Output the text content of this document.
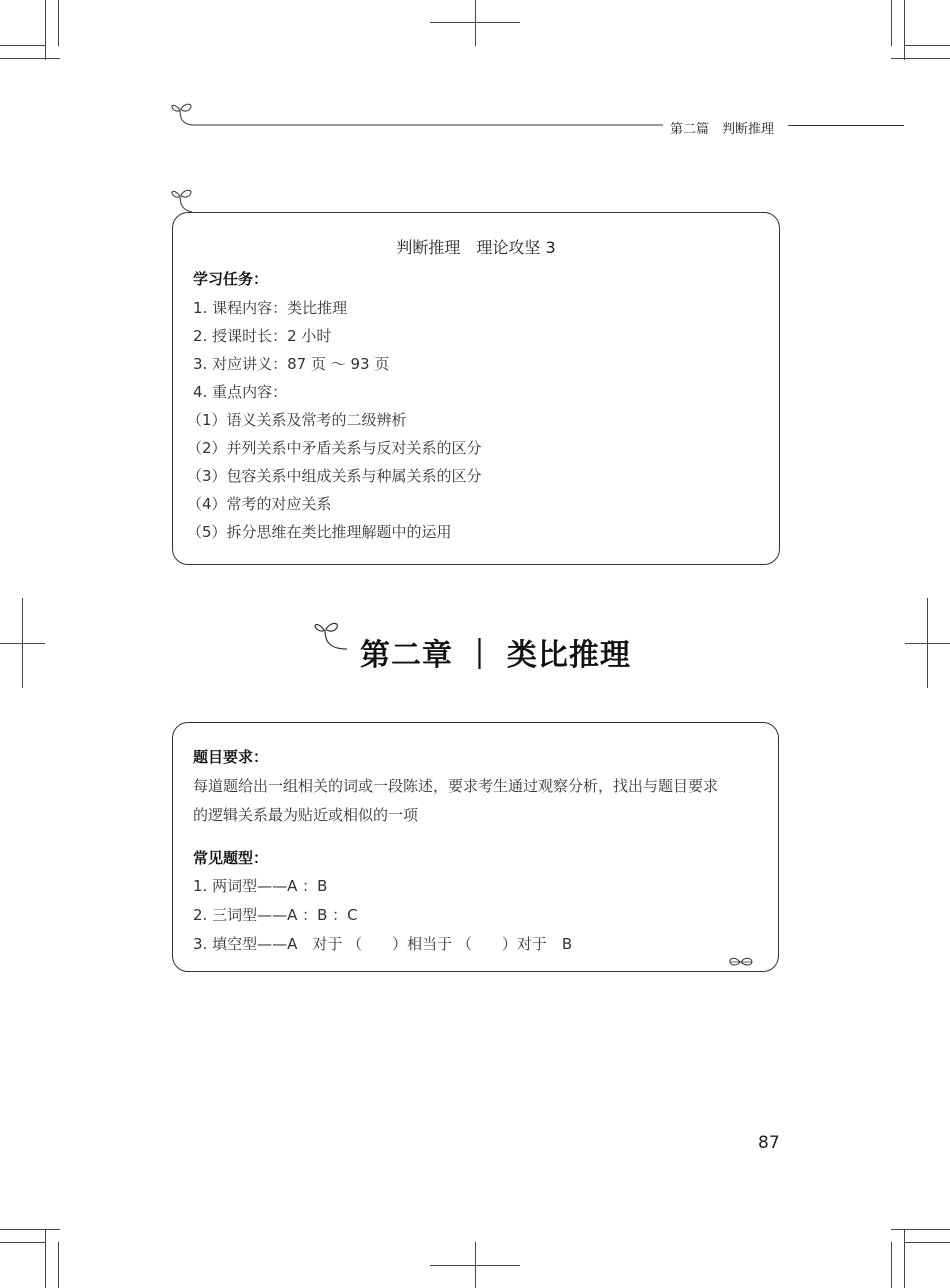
第二篇　判断推理
判断推理　理论攻坚 3
学习任务：
1. 课程内容：类比推理
2. 授课时长：2 小时
3. 对应讲义：87 页 ～ 93 页
4. 重点内容：
（1）语义关系及常考的二级辨析
（2）并列关系中矛盾关系与反对关系的区分
（3）包容关系中组成关系与种属关系的区分
（4）常考的对应关系
（5）拆分思维在类比推理解题中的运用
第二章 ｜ 类比推理
题目要求：
每道题给出一组相关的词或一段陈述，要求考生通过观察分析，找出与题目要求
的逻辑关系最为贴近或相似的一项
常见题型：
1. 两词型——A ：B
2. 三词型——A ：B ：C
3. 填空型——A　对于 （　　）相当于 （　　）对于　B
87
